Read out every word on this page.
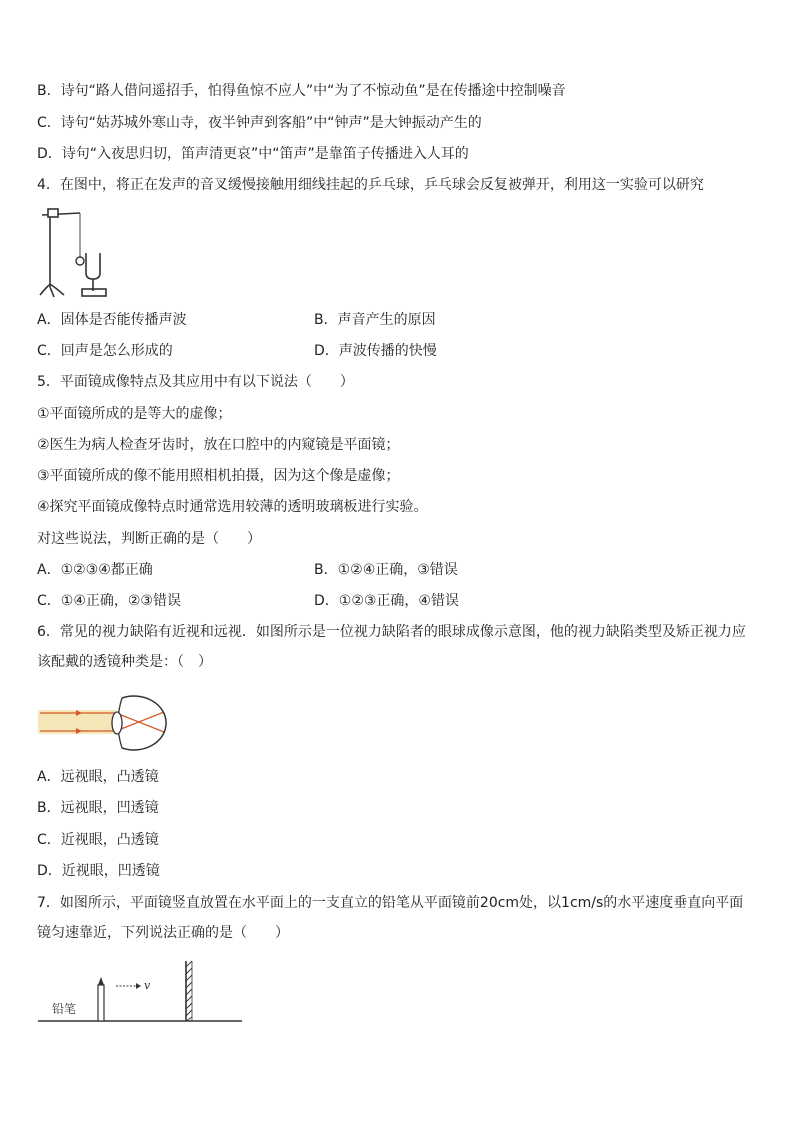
B．诗句“路人借问遥招手，怕得鱼惊不应人”中“为了不惊动鱼”是在传播途中控制噪音
C．诗句“姑苏城外寒山寺，夜半钟声到客船”中“钟声”是大钟振动产生的
D．诗句“入夜思归切，笛声清更哀”中“笛声”是靠笛子传播进入人耳的
4．在图中，将正在发声的音叉缓慢接触用细线挂起的乒乓球，乒乓球会反复被弹开，利用这一实验可以研究
A．固体是否能传播声波	B．声音产生的原因
C．回声是怎么形成的	D．声波传播的快慢
5．平面镜成像特点及其应用中有以下说法（　　）
①平面镜所成的是等大的虚像；
②医生为病人检查牙齿时，放在口腔中的内窥镜是平面镜；
③平面镜所成的像不能用照相机拍摄，因为这个像是虚像；
④探究平面镜成像特点时通常选用较薄的透明玻璃板进行实验。
对这些说法，判断正确的是（　　）
A．①②③④都正确	B．①②④正确，③错误
C．①④正确，②③错误	D．①②③正确，④错误
6．常见的视力缺陷有近视和远视．如图所示是一位视力缺陷者的眼球成像示意图，他的视力缺陷类型及矫正视力应该配戴的透镜种类是：（　）
A．远视眼，凸透镜
B．远视眼，凹透镜
C．近视眼，凸透镜
D．近视眼，凹透镜
7．如图所示，平面镜竖直放置在水平面上的一支直立的铅笔从平面镜前20cm处，以1cm/s的水平速度垂直向平面镜匀速靠近，下列说法正确的是（　　）
v
铅笔
